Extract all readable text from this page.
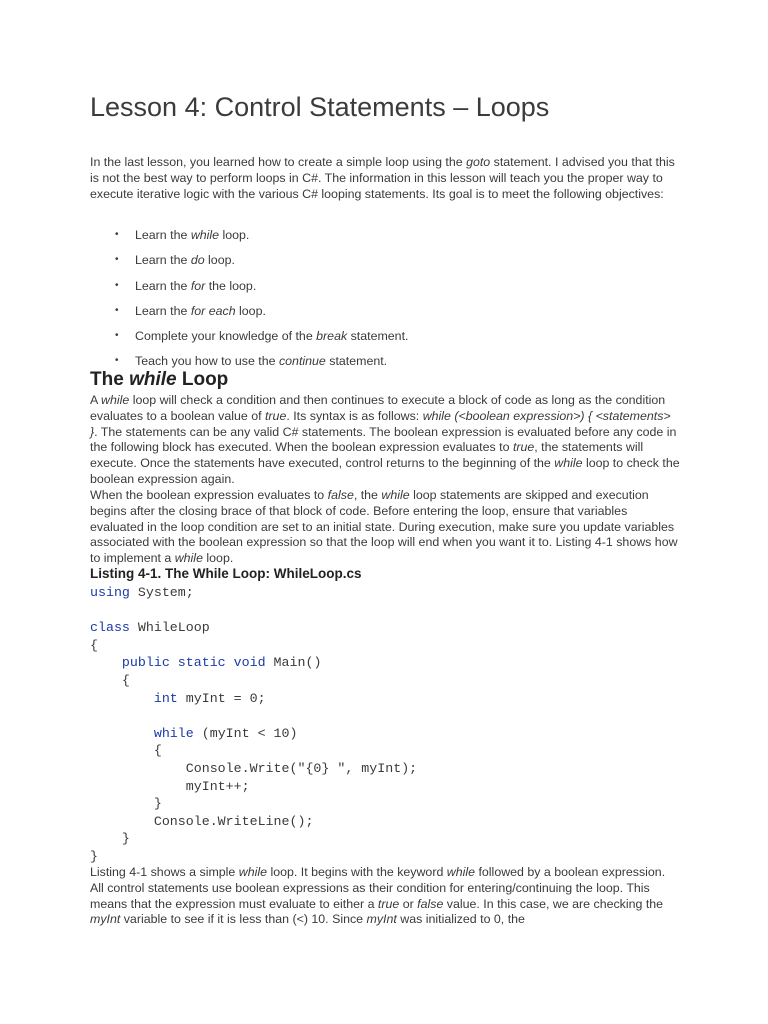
Lesson 4: Control Statements – Loops

In the last lesson, you learned how to create a simple loop using the goto statement. I advised you that this is not the best way to perform loops in C#. The information in this lesson will teach you the proper way to execute iterative logic with the various C# looping statements. Its goal is to meet the following objectives:

• Learn the while loop.
• Learn the do loop.
• Learn the for the loop.
• Learn the for each loop.
• Complete your knowledge of the break statement.
• Teach you how to use the continue statement.
The while Loop

A while loop will check a condition and then continues to execute a block of code as long as the condition evaluates to a boolean value of true. Its syntax is as follows: while (<boolean expression>) { <statements> }. The statements can be any valid C# statements. The boolean expression is evaluated before any code in the following block has executed. When the boolean expression evaluates to true, the statements will execute. Once the statements have executed, control returns to the beginning of the while loop to check the boolean expression again.

When the boolean expression evaluates to false, the while loop statements are skipped and execution begins after the closing brace of that block of code. Before entering the loop, ensure that variables evaluated in the loop condition are set to an initial state. During execution, make sure you update variables associated with the boolean expression so that the loop will end when you want it to. Listing 4-1 shows how to implement a while loop.

Listing 4-1. The While Loop: WhileLoop.cs
using System;

class WhileLoop
{
public static void Main()
{
int myInt = 0;

while (myInt < 10)
{
Console.Write("{0} ", myInt);
myInt++;
}
Console.WriteLine();
}
}

Listing 4-1 shows a simple while loop. It begins with the keyword while followed by a boolean expression. All control statements use boolean expressions as their condition for entering/continuing the loop. This means that the expression must evaluate to either a true or false value. In this case, we are checking the myInt variable to see if it is less than (<) 10. Since myInt was initialized to 0, the
